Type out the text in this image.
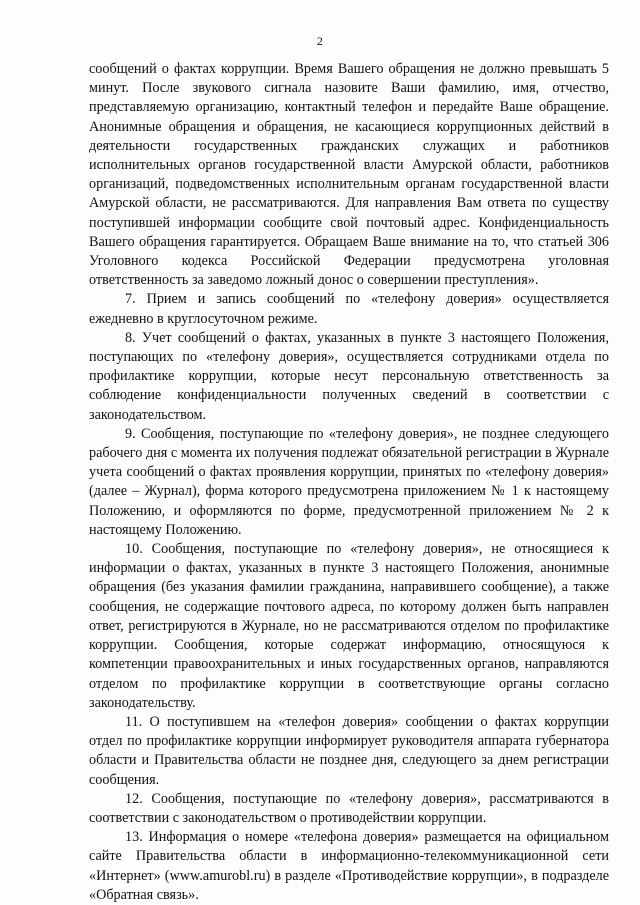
2

сообщений о фактах коррупции. Время Вашего обращения не должно превышать 5 минут. После звукового сигнала назовите Ваши фамилию, имя, отчество, представляемую организацию, контактный телефон и передайте Ваше обращение. Анонимные обращения и обращения, не касающиеся коррупционных действий в деятельности государственных гражданских служащих и работников исполнительных органов государственной власти Амурской области, работников организаций, подведомственных исполнительным органам государственной власти Амурской области, не рассматриваются. Для направления Вам ответа по существу поступившей информации сообщите свой почтовый адрес. Конфиденциальность Вашего обращения гарантируется. Обращаем Ваше внимание на то, что статьей 306 Уголовного кодекса Российской Федерации предусмотрена уголовная ответственность за заведомо ложный донос о совершении преступления».

7. Прием и запись сообщений по «телефону доверия» осуществляется ежедневно в круглосуточном режиме.

8. Учет сообщений о фактах, указанных в пункте 3 настоящего Положения, поступающих по «телефону доверия», осуществляется сотрудниками отдела по профилактике коррупции, которые несут персональную ответственность за соблюдение конфиденциальности полученных сведений в соответствии с законодательством.

9. Сообщения, поступающие по «телефону доверия», не позднее следующего рабочего дня с момента их получения подлежат обязательной регистрации в Журнале учета сообщений о фактах проявления коррупции, принятых по «телефону доверия» (далее – Журнал), форма которого предусмотрена приложением № 1 к настоящему Положению, и оформляются по форме, предусмотренной приложением № 2 к настоящему Положению.

10. Сообщения, поступающие по «телефону доверия», не относящиеся к информации о фактах, указанных в пункте 3 настоящего Положения, анонимные обращения (без указания фамилии гражданина, направившего сообщение), а также сообщения, не содержащие почтового адреса, по которому должен быть направлен ответ, регистрируются в Журнале, но не рассматриваются отделом по профилактике коррупции. Сообщения, которые содержат информацию, относящуюся к компетенции правоохранительных и иных государственных органов, направляются отделом по профилактике коррупции в соответствующие органы согласно законодательству.

11. О поступившем на «телефон доверия» сообщении о фактах коррупции отдел по профилактике коррупции информирует руководителя аппарата губернатора области и Правительства области не позднее дня, следующего за днем регистрации сообщения.

12. Сообщения, поступающие по «телефону доверия», рассматриваются в соответствии с законодательством о противодействии коррупции.

13. Информация о номере «телефона доверия» размещается на официальном сайте Правительства области в информационно-телекоммуникационной сети «Интернет» (www.amurobl.ru) в разделе «Противодействие коррупции», в подразделе «Обратная связь».
